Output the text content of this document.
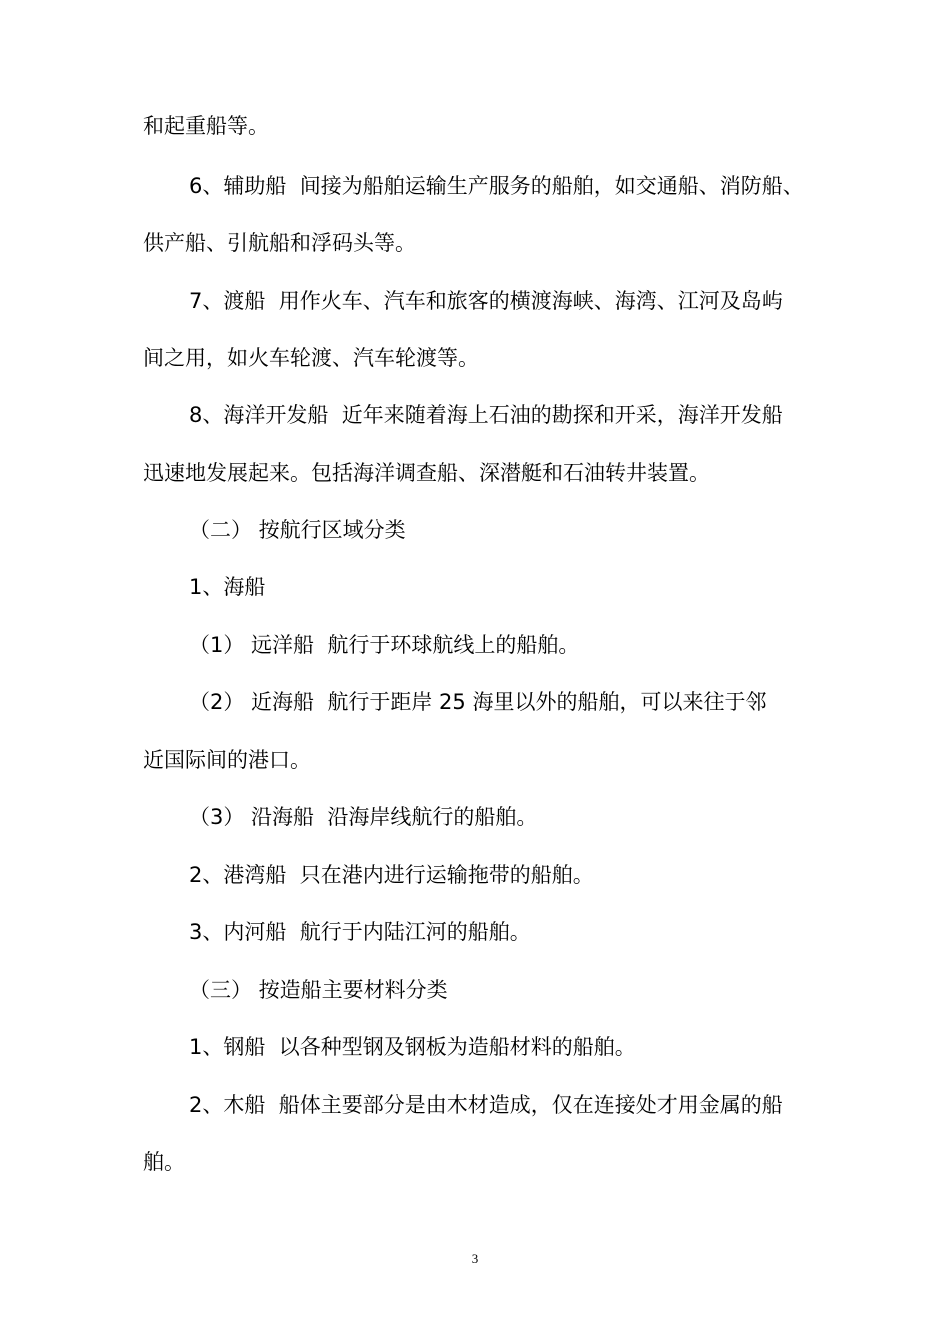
和起重船等。
6、辅助船  间接为船舶运输生产服务的船舶，如交通船、消防船、
供产船、引航船和浮码头等。
7、渡船  用作火车、汽车和旅客的横渡海峡、海湾、江河及岛屿
间之用，如火车轮渡、汽车轮渡等。
8、海洋开发船  近年来随着海上石油的勘探和开采，海洋开发船
迅速地发展起来。包括海洋调查船、深潜艇和石油转井装置。
（二） 按航行区域分类
1、海船
（1） 远洋船  航行于环球航线上的船舶。
（2） 近海船  航行于距岸 25 海里以外的船舶，可以来往于邻
近国际间的港口。
（3） 沿海船  沿海岸线航行的船舶。
2、港湾船  只在港内进行运输拖带的船舶。
3、内河船  航行于内陆江河的船舶。
（三） 按造船主要材料分类
1、钢船  以各种型钢及钢板为造船材料的船舶。
2、木船  船体主要部分是由木材造成，仅在连接处才用金属的船
舶。
3
